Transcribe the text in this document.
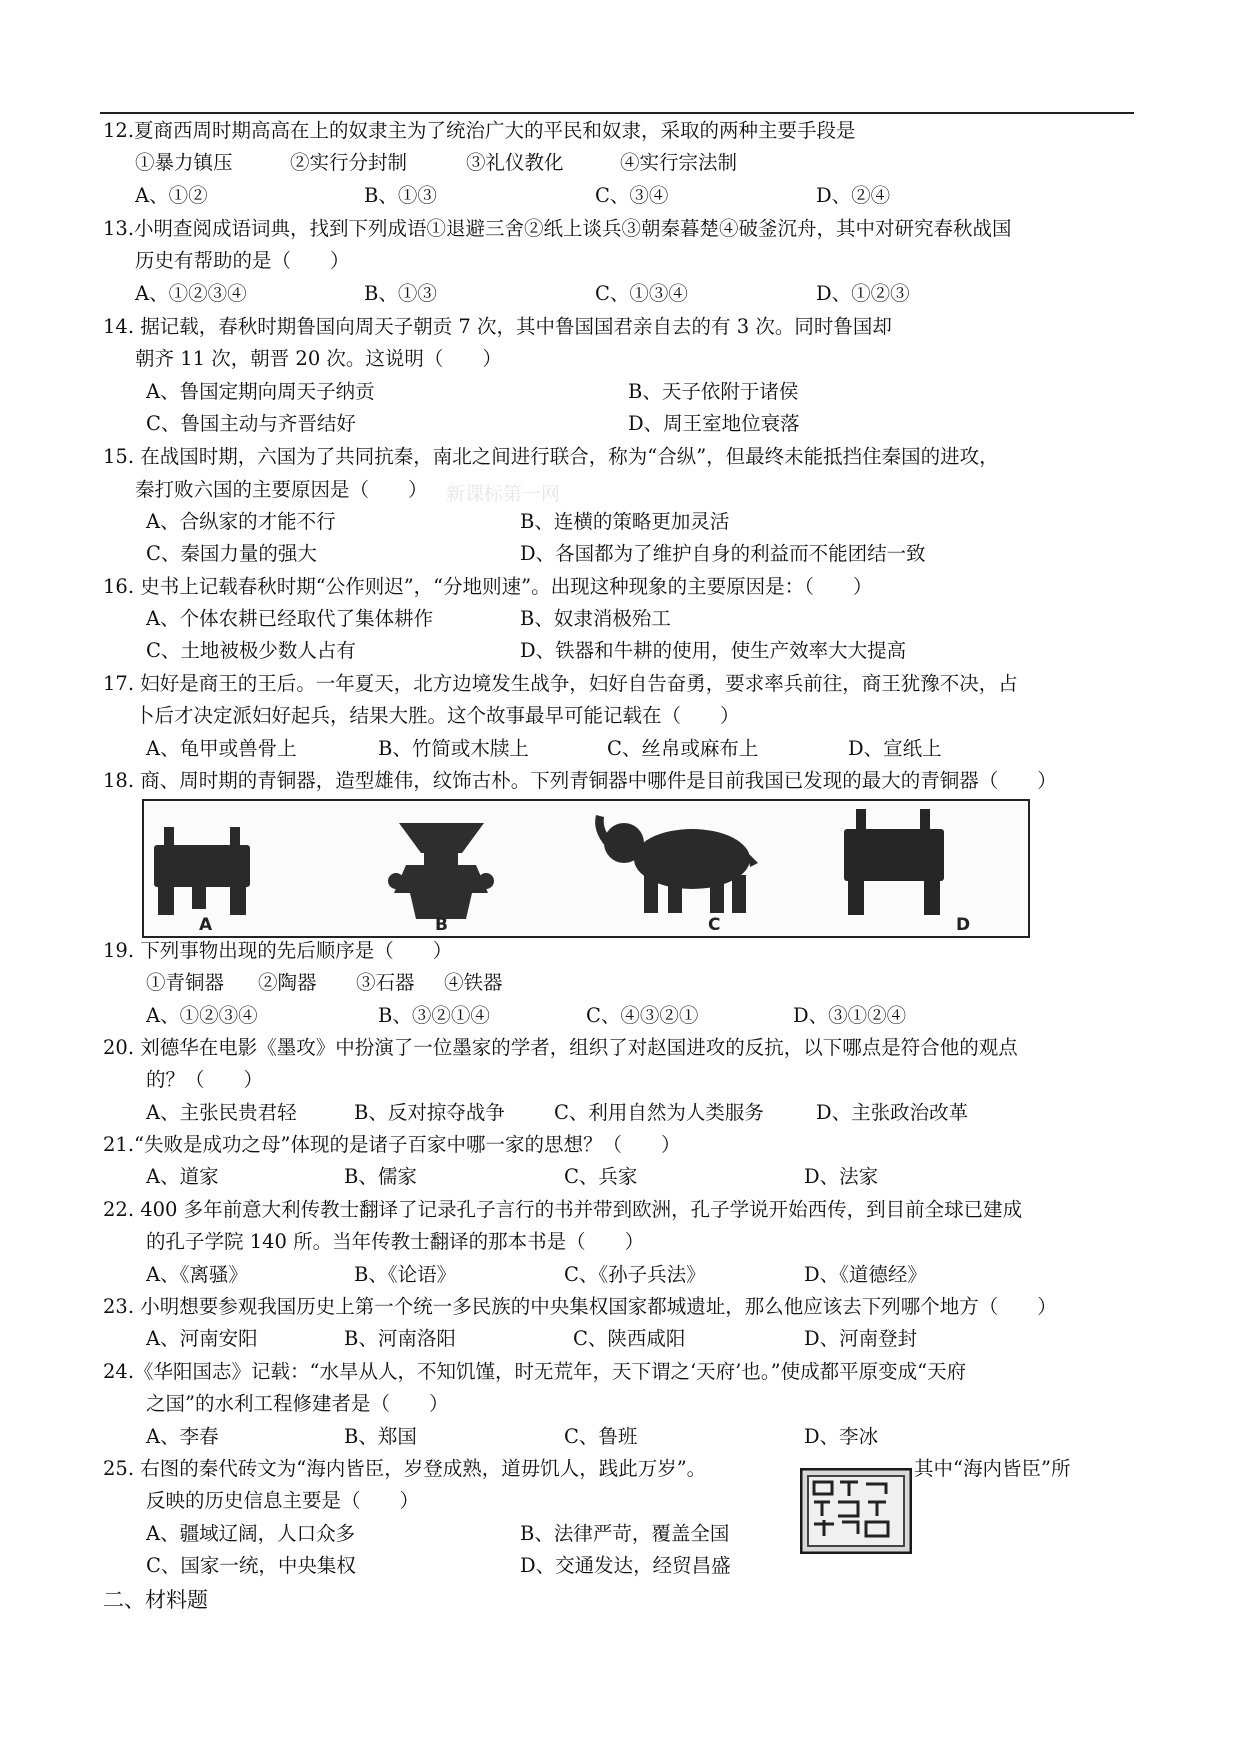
12.夏商西周时期高高在上的奴隶主为了统治广大的平民和奴隶，采取的两种主要手段是
①暴力镇压	②实行分封制	③礼仪教化	④实行宗法制
A、①②	B、①③	C、③④	D、②④
13.小明查阅成语词典，找到下列成语①退避三舍②纸上谈兵③朝秦暮楚④破釜沉舟，其中对研究春秋战国
历史有帮助的是（　　）
A、①②③④	B、①③	C、①③④	D、①②③
14. 据记载，春秋时期鲁国向周天子朝贡 7 次，其中鲁国国君亲自去的有 3 次。同时鲁国却
朝齐 11 次，朝晋 20 次。这说明（　　）
A、鲁国定期向周天子纳贡	B、天子依附于诸侯
C、鲁国主动与齐晋结好	D、周王室地位衰落
15. 在战国时期，六国为了共同抗秦，南北之间进行联合，称为“合纵”，但最终未能抵挡住秦国的进攻，
秦打败六国的主要原因是（　　） 新课标第一网
A、合纵家的才能不行	B、连横的策略更加灵活
C、秦国力量的强大	D、各国都为了维护自身的利益而不能团结一致
16. 史书上记载春秋时期“公作则迟”，“分地则速”。出现这种现象的主要原因是：（　　）
A、个体农耕已经取代了集体耕作	B、奴隶消极殆工
C、土地被极少数人占有	D、铁器和牛耕的使用，使生产效率大大提高
17. 妇好是商王的王后。一年夏天，北方边境发生战争，妇好自告奋勇，要求率兵前往，商王犹豫不决，占
卜后才决定派妇好起兵，结果大胜。这个故事最早可能记载在（　　）
A、龟甲或兽骨上	B、竹简或木牍上	C、丝帛或麻布上	D、宣纸上
18. 商、周时期的青铜器，造型雄伟，纹饰古朴。下列青铜器中哪件是目前我国已发现的最大的青铜器（　　）
A	B	C	D
19. 下列事物出现的先后顺序是（　　）
①青铜器 ②陶器 ③石器 ④铁器
A、①②③④	B、③②①④	C、④③②①	D、③①②④
20. 刘德华在电影《墨攻》中扮演了一位墨家的学者，组织了对赵国进攻的反抗，以下哪点是符合他的观点
的？（　　）
A、主张民贵君轻	B、反对掠夺战争	C、利用自然为人类服务	D、主张政治改革
21.“失败是成功之母”体现的是诸子百家中哪一家的思想？（　　）
A、道家	B、儒家	C、兵家	D、法家
22. 400 多年前意大利传教士翻译了记录孔子言行的书并带到欧洲，孔子学说开始西传，到目前全球已建成
的孔子学院 140 所。当年传教士翻译的那本书是（　　）
A、《离骚》	B、《论语》	C、《孙子兵法》	D、《道德经》
23. 小明想要参观我国历史上第一个统一多民族的中央集权国家都城遗址，那么他应该去下列哪个地方（　　）
A、河南安阳	B、河南洛阳	C、陕西咸阳	D、河南登封
24.《华阳国志》记载：“水旱从人，不知饥馑，时无荒年，天下谓之‘天府’也。”使成都平原变成“天府
之国”的水利工程修建者是（　　）
A、李春	B、郑国	C、鲁班	D、李冰
25. 右图的秦代砖文为“海内皆臣，岁登成熟，道毋饥人，践此万岁”。	其中“海内皆臣”所
反映的历史信息主要是（　　）
A、疆域辽阔，人口众多	B、法律严苛，覆盖全国
C、国家一统，中央集权	D、交通发达，经贸昌盛
二、材料题
